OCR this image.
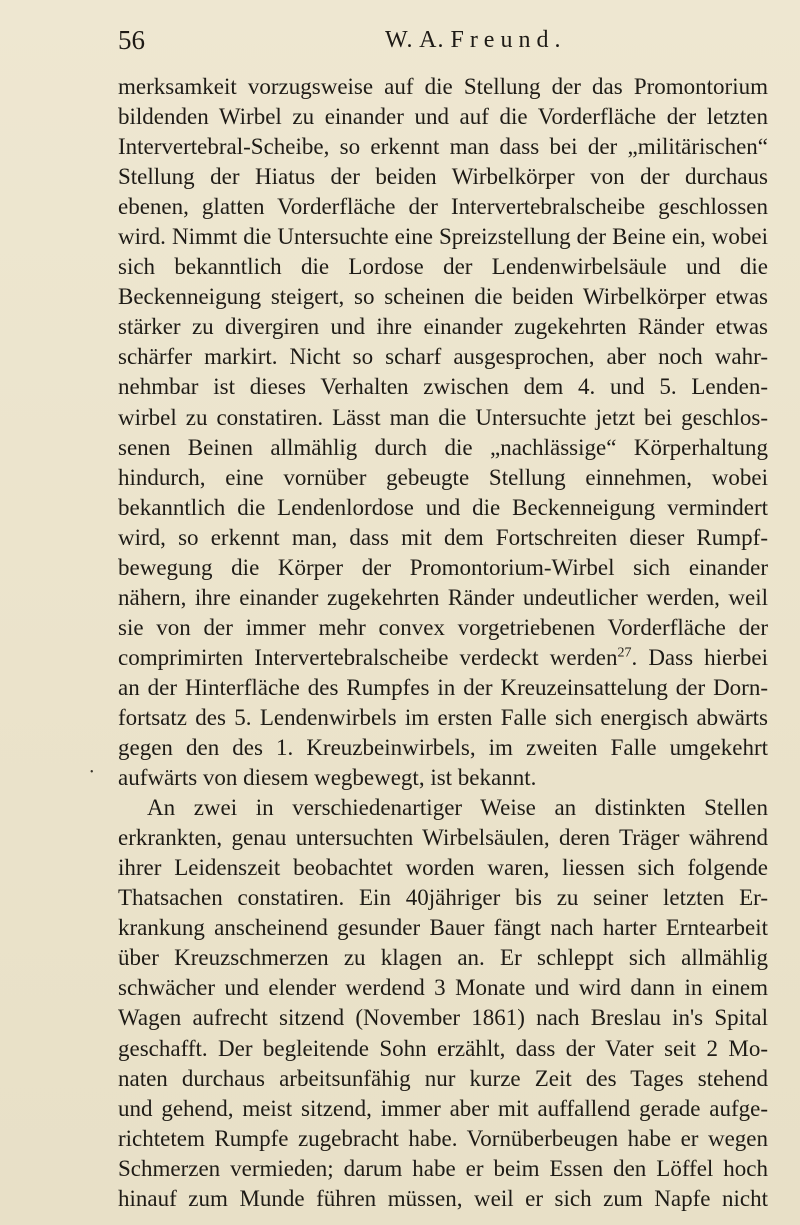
56	W. A. Freund.
•
merksamkeit vorzugsweise auf die Stellung der das Promontorium
bildenden Wirbel zu einander und auf die Vorderfläche der letzten
Intervertebral-Scheibe, so erkennt man dass bei der „militärischen“
Stellung der Hiatus der beiden Wirbelkörper von der durchaus
ebenen, glatten Vorderfläche der Intervertebralscheibe geschlossen
wird. Nimmt die Untersuchte eine Spreizstellung der Beine ein, wobei
sich bekanntlich die Lordose der Lendenwirbelsäule und die
Beckenneigung steigert, so scheinen die beiden Wirbelkörper etwas
stärker zu divergiren und ihre einander zugekehrten Ränder etwas
schärfer markirt. Nicht so scharf ausgesprochen, aber noch wahr-
nehmbar ist dieses Verhalten zwischen dem 4. und 5. Lenden-
wirbel zu constatiren. Lässt man die Untersuchte jetzt bei geschlos-
senen Beinen allmählig durch die „nachlässige“ Körperhaltung
hindurch, eine vornüber gebeugte Stellung einnehmen, wobei
bekanntlich die Lendenlordose und die Beckenneigung vermindert
wird, so erkennt man, dass mit dem Fortschreiten dieser Rumpf-
bewegung die Körper der Promontorium-Wirbel sich einander
nähern, ihre einander zugekehrten Ränder undeutlicher werden, weil
sie von der immer mehr convex vorgetriebenen Vorderfläche der
comprimirten Intervertebralscheibe verdeckt werden$^{27}$. Dass hierbei
an der Hinterfläche des Rumpfes in der Kreuzeinsattelung der Dorn-
fortsatz des 5. Lendenwirbels im ersten Falle sich energisch abwärts
gegen den des 1. Kreuzbeinwirbels, im zweiten Falle umgekehrt
aufwärts von diesem wegbewegt, ist bekannt.
An zwei in verschiedenartiger Weise an distinkten Stellen
erkrankten, genau untersuchten Wirbelsäulen, deren Träger während
ihrer Leidenszeit beobachtet worden waren, liessen sich folgende
Thatsachen constatiren. Ein 40jähriger bis zu seiner letzten Er-
krankung anscheinend gesunder Bauer fängt nach harter Erntearbeit
über Kreuzschmerzen zu klagen an. Er schleppt sich allmählig
schwächer und elender werdend 3 Monate und wird dann in einem
Wagen aufrecht sitzend (November 1861) nach Breslau in's Spital
geschafft. Der begleitende Sohn erzählt, dass der Vater seit 2 Mo-
naten durchaus arbeitsunfähig nur kurze Zeit des Tages stehend
und gehend, meist sitzend, immer aber mit auffallend gerade aufge-
richtetem Rumpfe zugebracht habe. Vornüberbeugen habe er wegen
Schmerzen vermieden; darum habe er beim Essen den Löffel hoch
hinauf zum Munde führen müssen, weil er sich zum Napfe nicht
